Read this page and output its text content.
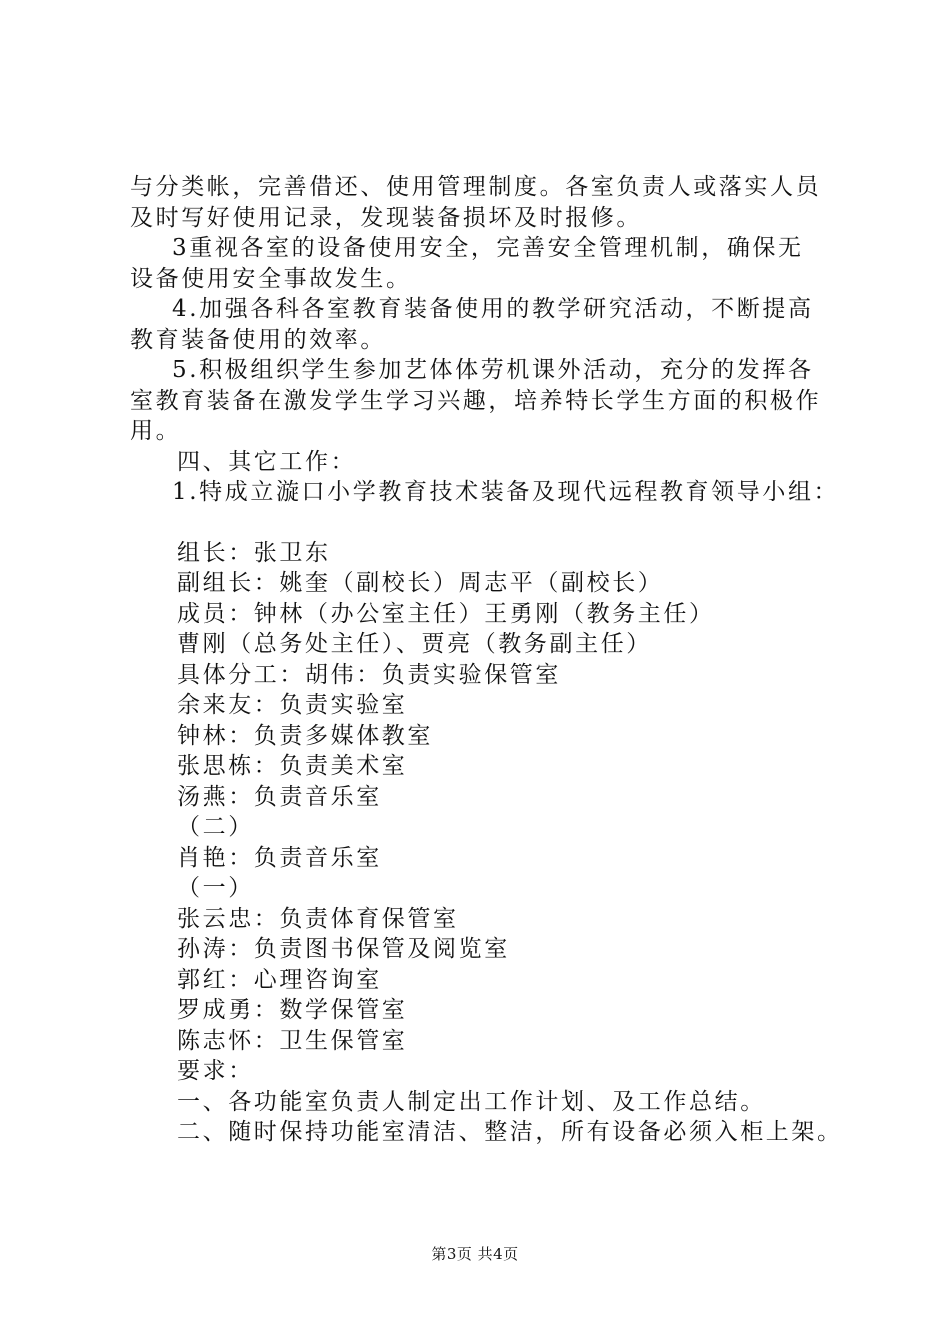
与分类帐，完善借还、使用管理制度。各室负责人或落实人员
及时写好使用记录，发现装备损坏及时报修。
3重视各室的设备使用安全，完善安全管理机制，确保无
设备使用安全事故发生。
4.加强各科各室教育装备使用的教学研究活动，不断提高
教育装备使用的效率。
5.积极组织学生参加艺体体劳机课外活动，充分的发挥各
室教育装备在激发学生学习兴趣，培养特长学生方面的积极作
用。
四、其它工作：
1.特成立漩口小学教育技术装备及现代远程教育领导小组：
组长：张卫东
副组长：姚奎（副校长）周志平（副校长）
成员：钟林（办公室主任）王勇刚（教务主任）
曹刚（总务处主任）、贾亮（教务副主任）
具体分工：胡伟：负责实验保管室
余来友：负责实验室
钟林：负责多媒体教室
张思栋：负责美术室
汤燕：负责音乐室
（二）
肖艳：负责音乐室
（一）
张云忠：负责体育保管室
孙涛：负责图书保管及阅览室
郭红：心理咨询室
罗成勇：数学保管室
陈志怀：卫生保管室
要求：
一、各功能室负责人制定出工作计划、及工作总结。
二、随时保持功能室清洁、整洁，所有设备必须入柜上架。
第3页 共4页
